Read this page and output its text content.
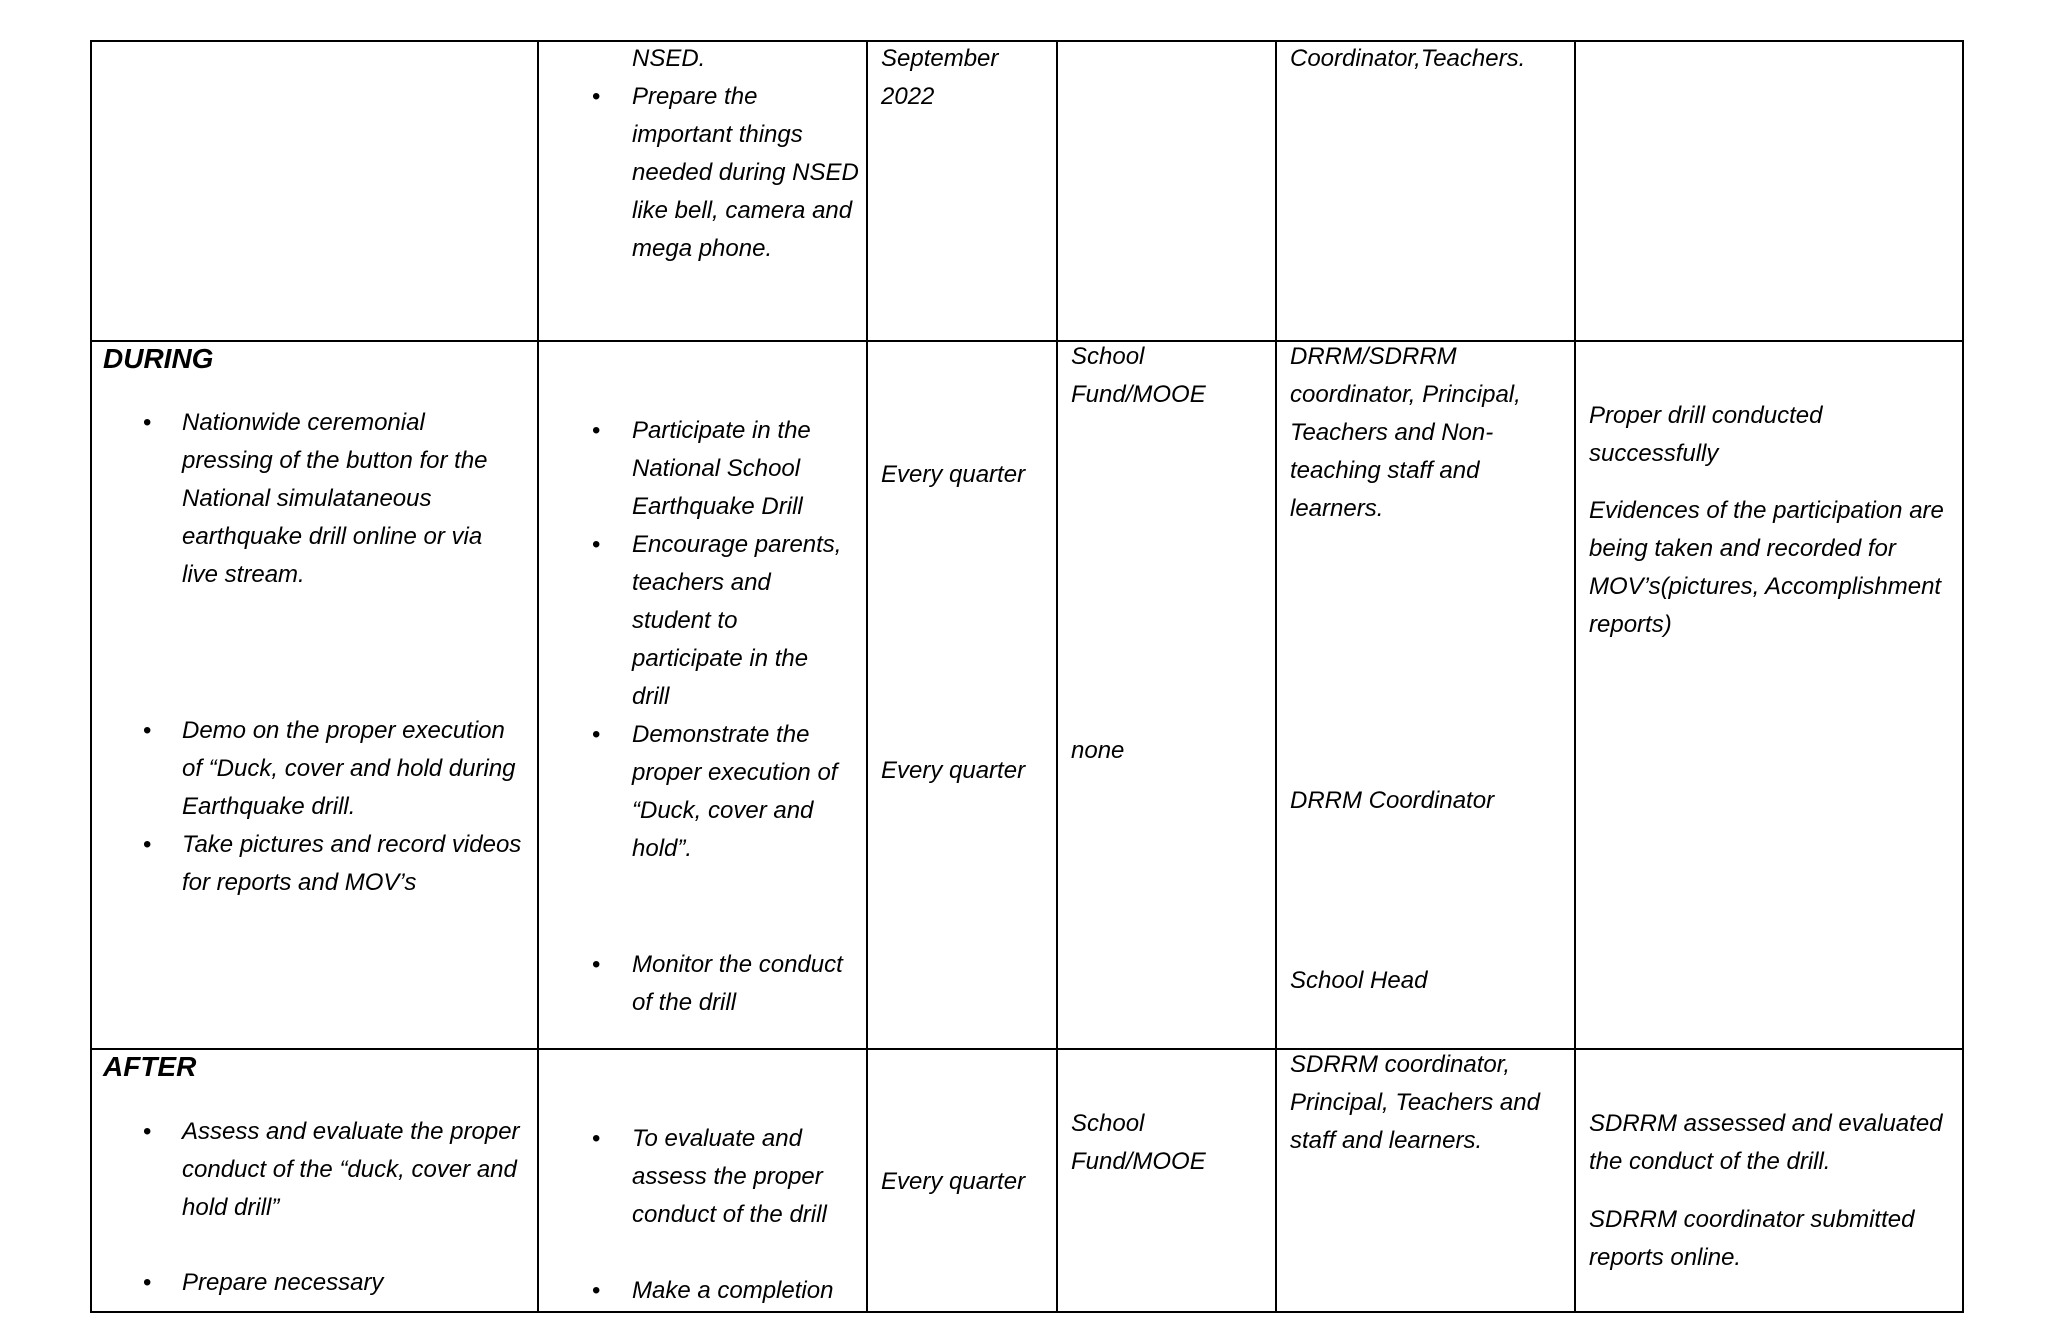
NSED.
• Prepare the
important things
needed during NSED
like bell, camera and
mega phone.
September
2022
Coordinator,Teachers.
DURING
• Nationwide ceremonial
pressing of the button for the
National simulataneous
earthquake drill online or via
live stream.
• Demo on the proper execution
of “Duck, cover and hold during
Earthquake drill.
• Take pictures and record videos
for reports and MOV’s
• Participate in the
National School
Earthquake Drill
• Encourage parents,
teachers and
student to
participate in the
drill
• Demonstrate the
proper execution of
“Duck, cover and
hold”.
• Monitor the conduct
of the drill
Every quarter
Every quarter
School
Fund/MOOE
none
DRRM/SDRRM
coordinator, Principal,
Teachers and Non-
teaching staff and
learners.
DRRM Coordinator
School Head
Proper drill conducted
successfully
Evidences of the participation are
being taken and recorded for
MOV’s(pictures, Accomplishment
reports)
AFTER
• Assess and evaluate the proper
conduct of the “duck, cover and
hold drill”
• Prepare necessary
• To evaluate and
assess the proper
conduct of the drill
• Make a completion
Every quarter
School
Fund/MOOE
SDRRM coordinator,
Principal, Teachers and
staff and learners.
SDRRM assessed and evaluated
the conduct of the drill.
SDRRM coordinator submitted
reports online.
